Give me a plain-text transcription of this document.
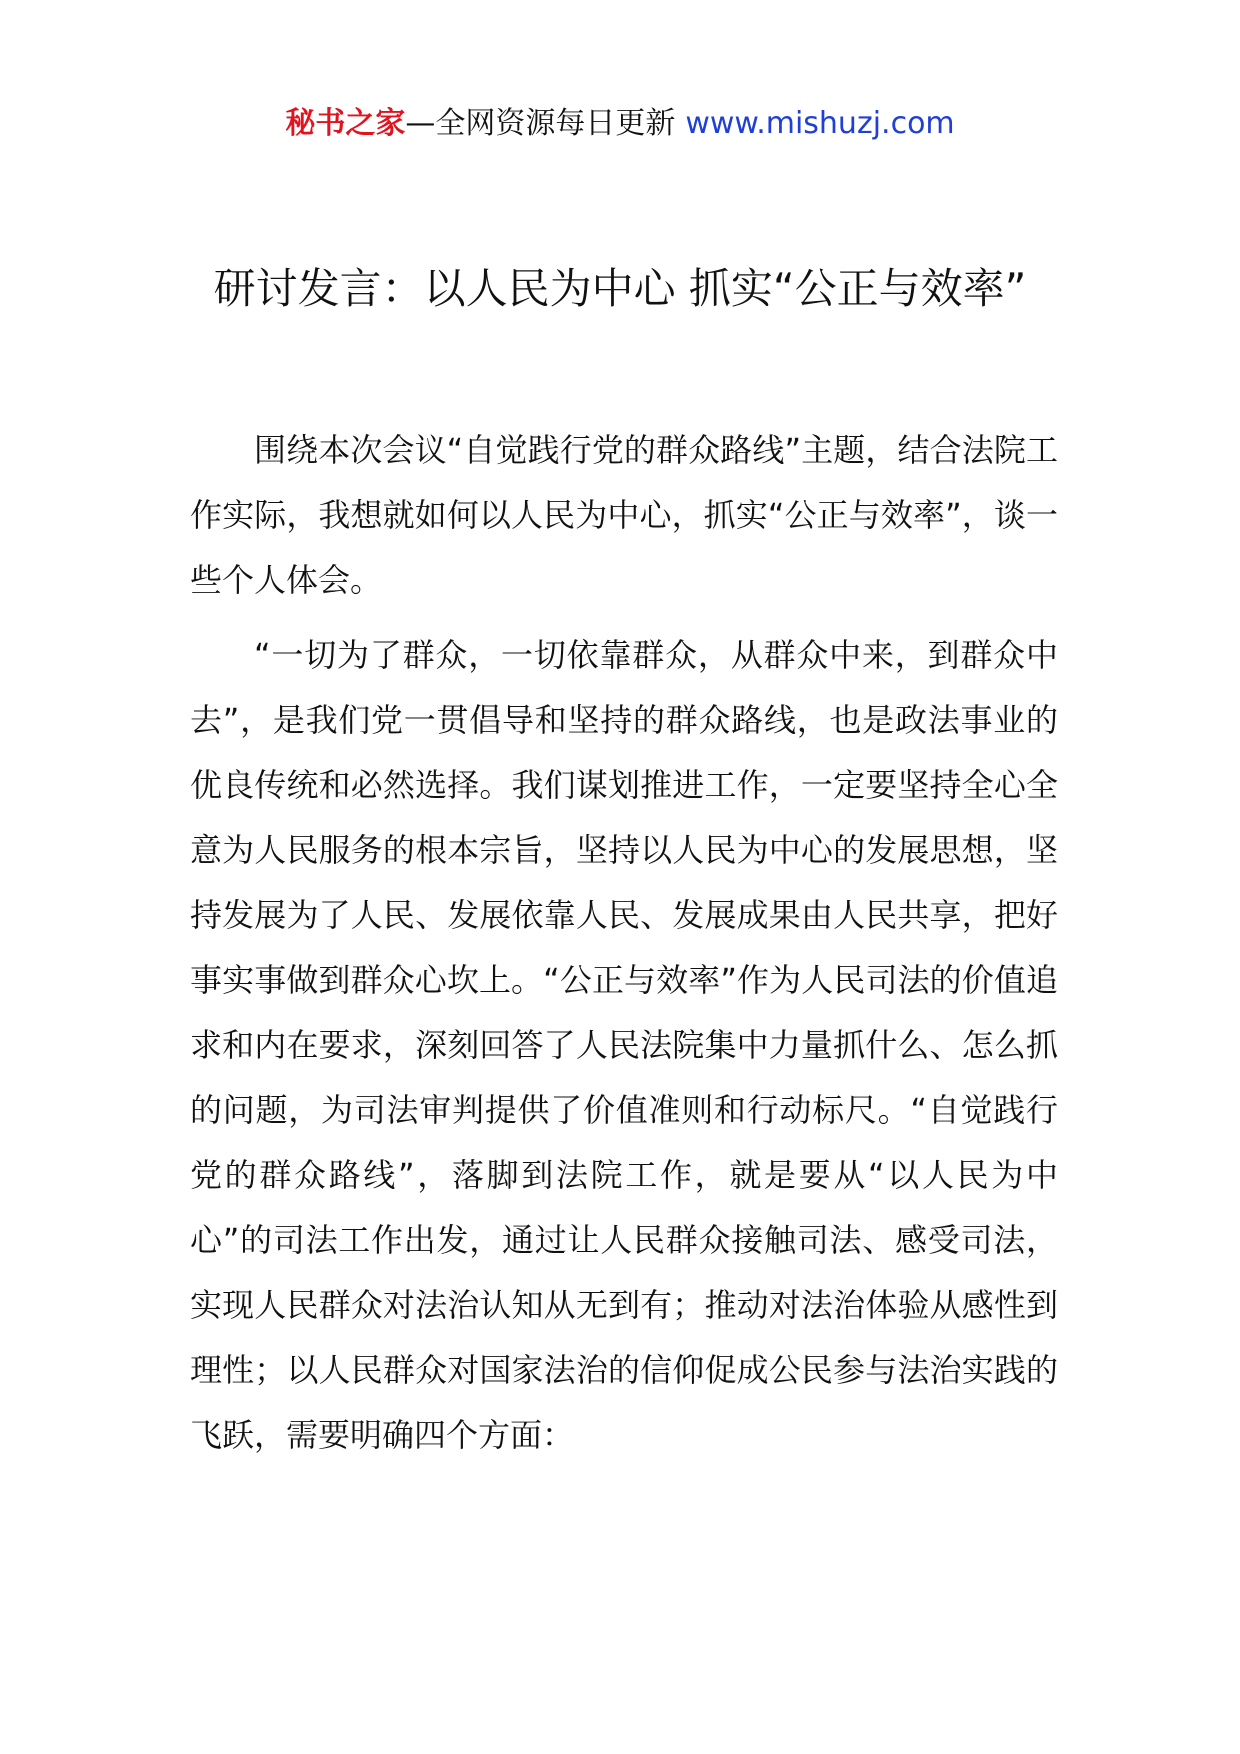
秘书之家—全网资源每日更新 www.mishuzj.com
研讨发言：以人民为中心 抓实“公正与效率”

围绕本次会议“自觉践行党的群众路线”主题，结合法院工作实际，我想就如何以人民为中心，抓实“公正与效率”，谈一些个人体会。

“一切为了群众，一切依靠群众，从群众中来，到群众中去”，是我们党一贯倡导和坚持的群众路线，也是政法事业的优良传统和必然选择。我们谋划推进工作，一定要坚持全心全意为人民服务的根本宗旨，坚持以人民为中心的发展思想，坚持发展为了人民、发展依靠人民、发展成果由人民共享，把好事实事做到群众心坎上。“公正与效率”作为人民司法的价值追求和内在要求，深刻回答了人民法院集中力量抓什么、怎么抓的问题，为司法审判提供了价值准则和行动标尺。“自觉践行党的群众路线”，落脚到法院工作，就是要从“以人民为中心”的司法工作出发，通过让人民群众接触司法、感受司法，实现人民群众对法治认知从无到有；推动对法治体验从感性到理性；以人民群众对国家法治的信仰促成公民参与法治实践的飞跃，需要明确四个方面：
